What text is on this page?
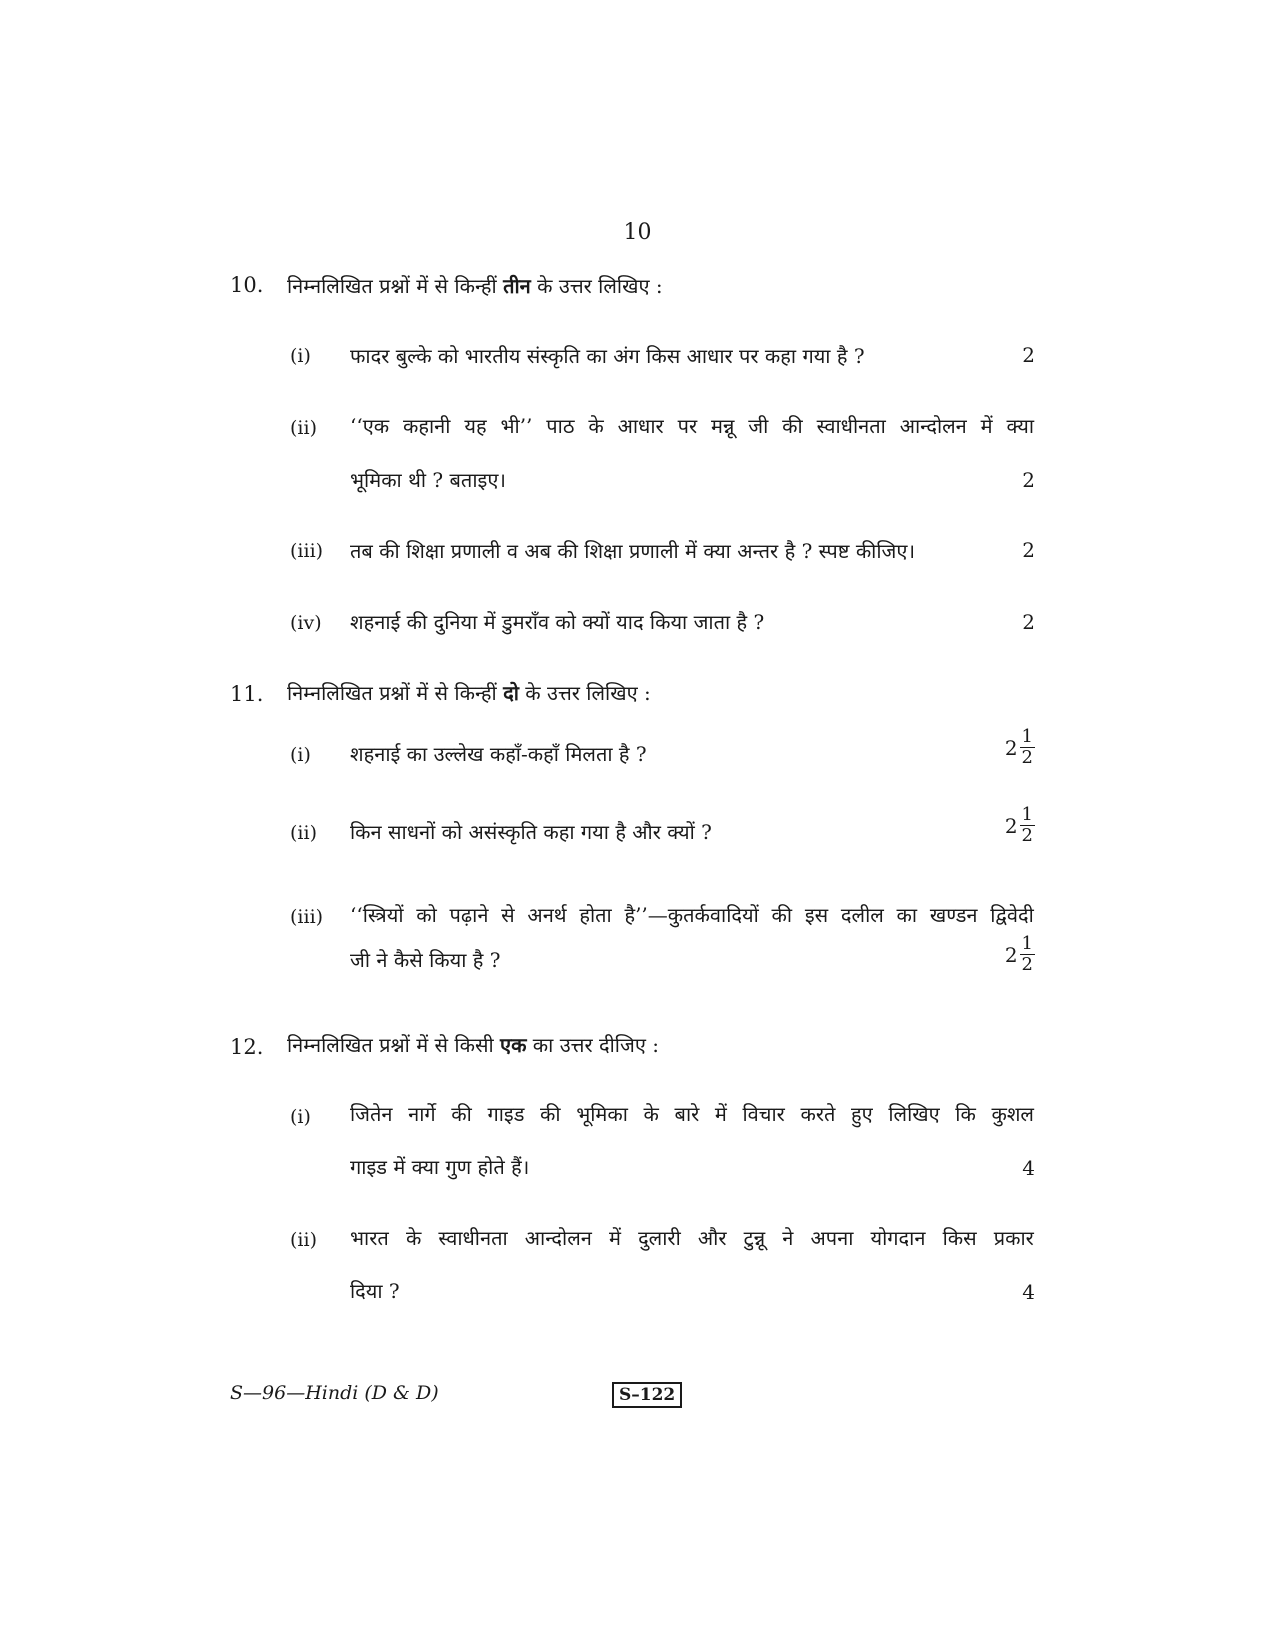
10
10. निम्नलिखित प्रश्नों में से किन्हीं तीन के उत्तर लिखिए :
(i) फादर बुल्के को भारतीय संस्कृति का अंग किस आधार पर कहा गया है ?	2
(ii) ‘‘एक कहानी यह भी’’ पाठ के आधार पर मन्नू जी की स्वाधीनता आन्दोलन में क्या
भूमिका थी ? बताइए।	2
(iii) तब की शिक्षा प्रणाली व अब की शिक्षा प्रणाली में क्या अन्तर है ? स्पष्ट कीजिए।	2
(iv) शहनाई की दुनिया में डुमराँव को क्यों याद किया जाता है ?	2
11. निम्नलिखित प्रश्नों में से किन्हीं दो के उत्तर लिखिए :
(i) शहनाई का उल्लेख कहाँ-कहाँ मिलता है ?	$2 \frac{1}{2}$
(ii) किन साधनों को असंस्कृति कहा गया है और क्यों ?	$2 \frac{1}{2}$
(iii) ‘‘स्त्रियों को पढ़ाने से अनर्थ होता है’’—कुतर्कवादियों की इस दलील का खण्डन द्विवेदी
जी ने कैसे किया है ?	$2 \frac{1}{2}$
12. निम्नलिखित प्रश्नों में से किसी एक का उत्तर दीजिए :
(i) जितेन नार्गे की गाइड की भूमिका के बारे में विचार करते हुए लिखिए कि कुशल
गाइड में क्या गुण होते हैं।	4
(ii) भारत के स्वाधीनता आन्दोलन में दुलारी और टुन्नू ने अपना योगदान किस प्रकार
दिया ?	4
S—96—Hindi (D & D)	S–122
